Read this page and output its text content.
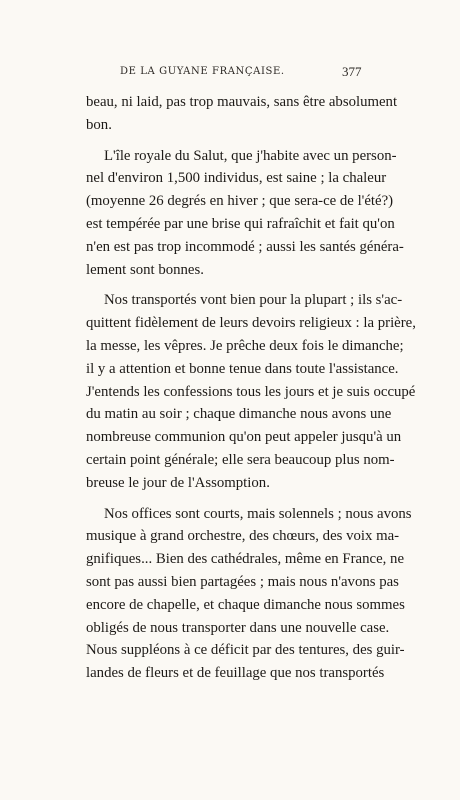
DE LA GUYANE FRANÇAISE.	377
beau, ni laid, pas trop mauvais, sans être absolument
bon.
L'île royale du Salut, que j'habite avec un person-
nel d'environ 1,500 individus, est saine ; la chaleur
(moyenne 26 degrés en hiver ; que sera-ce de l'été?)
est tempérée par une brise qui rafraîchit et fait qu'on
n'en est pas trop incommodé ; aussi les santés généra-
lement sont bonnes.
Nos transportés vont bien pour la plupart ; ils s'ac-
quittent fidèlement de leurs devoirs religieux : la prière,
la messe, les vêpres. Je prêche deux fois le dimanche;
il y a attention et bonne tenue dans toute l'assistance.
J'entends les confessions tous les jours et je suis occupé
du matin au soir ; chaque dimanche nous avons une
nombreuse communion qu'on peut appeler jusqu'à un
certain point générale; elle sera beaucoup plus nom-
breuse le jour de l'Assomption.
Nos offices sont courts, mais solennels ; nous avons
musique à grand orchestre, des chœurs, des voix ma-
gnifiques... Bien des cathédrales, même en France, ne
sont pas aussi bien partagées ; mais nous n'avons pas
encore de chapelle, et chaque dimanche nous sommes
obligés de nous transporter dans une nouvelle case.
Nous suppléons à ce déficit par des tentures, des guir-
landes de fleurs et de feuillage que nos transportés
